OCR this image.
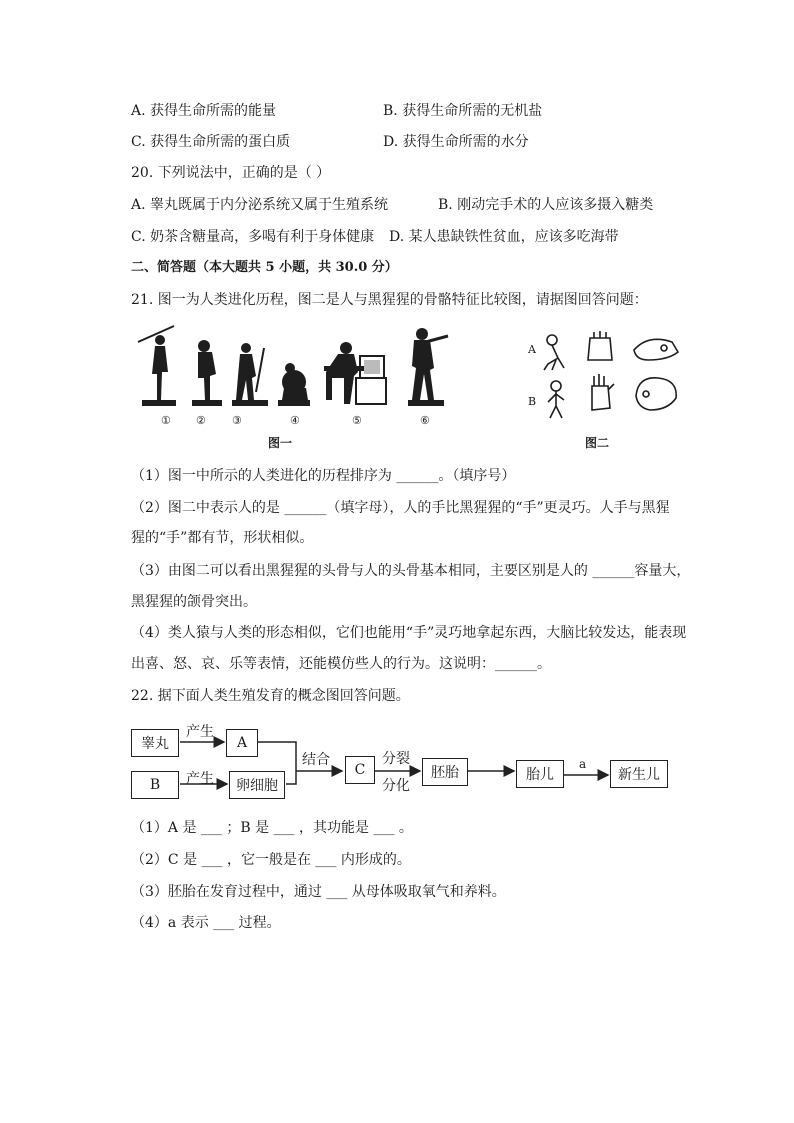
A. 获得生命所需的能量	B. 获得生命所需的无机盐
C. 获得生命所需的蛋白质	D. 获得生命所需的水分
20. 下列说法中，正确的是（ ）
A. 睾丸既属于内分泌系统又属于生殖系统	B. 刚动完手术的人应该多摄入糖类
C. 奶茶含糖量高，多喝有利于身体健康 D. 某人患缺铁性贫血，应该多吃海带
二、简答题（本大题共 5 小题，共 30.0 分）
21. 图一为人类进化历程，图二是人与黑猩猩的骨骼特征比较图，请据图回答问题：
① ② ③	④	⑤	⑥
图一
A
B
图二
（1）图一中所示的人类进化的历程排序为 ______。（填序号）
（2）图二中表示人的是 ______（填字母），人的手比黑猩猩的“手”更灵巧。人手与黑猩
猩的“手”都有节，形状相似。
（3）由图二可以看出黑猩猩的头骨与人的头骨基本相同，主要区别是人的 ______容量大，
黑猩猩的颌骨突出。
（4）类人猿与人类的形态相似，它们也能用“手”灵巧地拿起东西，大脑比较发达，能表现
出喜、怒、哀、乐等表情，还能模仿些人的行为。这说明：______。
22. 据下面人类生殖发育的概念图回答问题。
睾丸	A
B	卵细胞
C	胚胎	胎儿	新生儿
产生
产生
结合	分裂
分化
a
（1）A 是 ___ ；B 是 ___ ，其功能是 ___ 。
（2）C 是 ___ ，它一般是在 ___ 内形成的。
（3）胚胎在发育过程中，通过 ___ 从母体吸取氧气和养料。
（4）a 表示 ___ 过程。
